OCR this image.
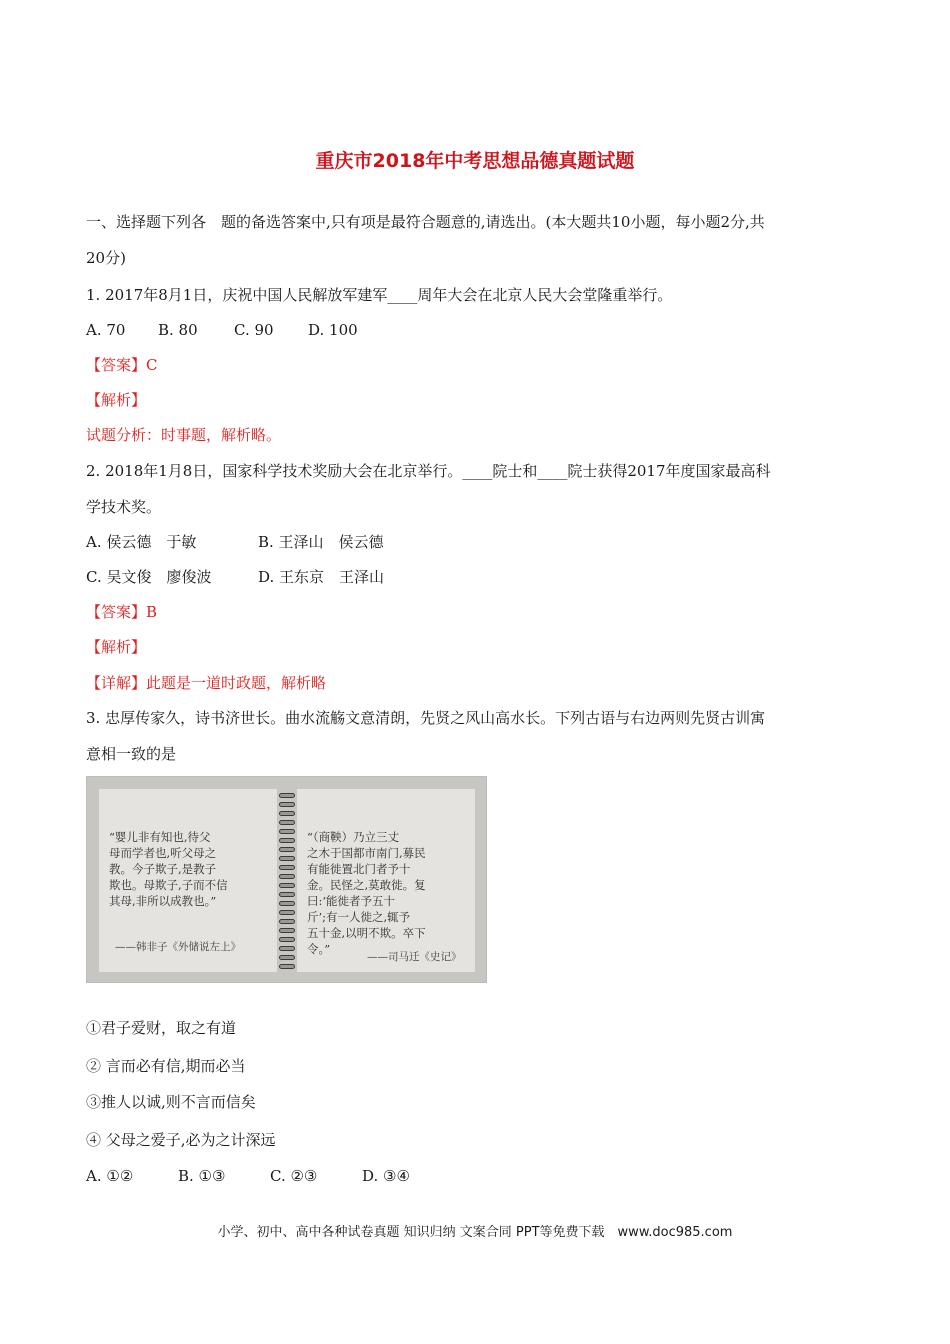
重庆市2018年中考思想品德真题试题
一、选择题下列各　题的备选答案中,只有项是最符合题意的,请选出。(本大题共10小题，每小题2分,共
20分)
1. 2017年8月1日，庆祝中国人民解放军建军____周年大会在北京人民大会堂隆重举行。
A. 70 B. 80 C. 90 D. 100
【答案】C
【解析】
试题分析：时事题，解析略。
2. 2018年1月8日，国家科学技术奖励大会在北京举行。____院士和____院士获得2017年度国家最高科
学技术奖。
A. 侯云德　于敏	B. 王泽山　侯云德
C. 吴文俊　廖俊波	D. 王东京　王泽山
【答案】B
【解析】
【详解】此题是一道时政题，解析略
3. 忠厚传家久，诗书济世长。曲水流觞文意清朗，先贤之风山高水长。下列古语与右边两则先贤古训寓
意相一致的是

“婴儿非有知也,待父
母而学者也,听父母之
教。今子欺子,是教子
欺也。母欺子,子而不信
其母,非所以成教也。”

——韩非子《外储说左上》

“（商鞅）乃立三丈
之木于国都市南门,募民
有能徙置北门者予十
金。民怪之,莫敢徙。复
曰:‘能徙者予五十
斤’;有一人徙之,辄予
五十金,以明不欺。卒下
令。”

——司马迁《史记》

①君子爱财，取之有道
② 言而必有信,期而必当
③推人以诚,则不言而信矣
④ 父母之爱子,必为之计深远
A. ①②	B. ①③	C. ②③	D. ③④
小学、初中、高中各种试卷真题 知识归纳 文案合同 PPT等免费下载　www.doc985.com
